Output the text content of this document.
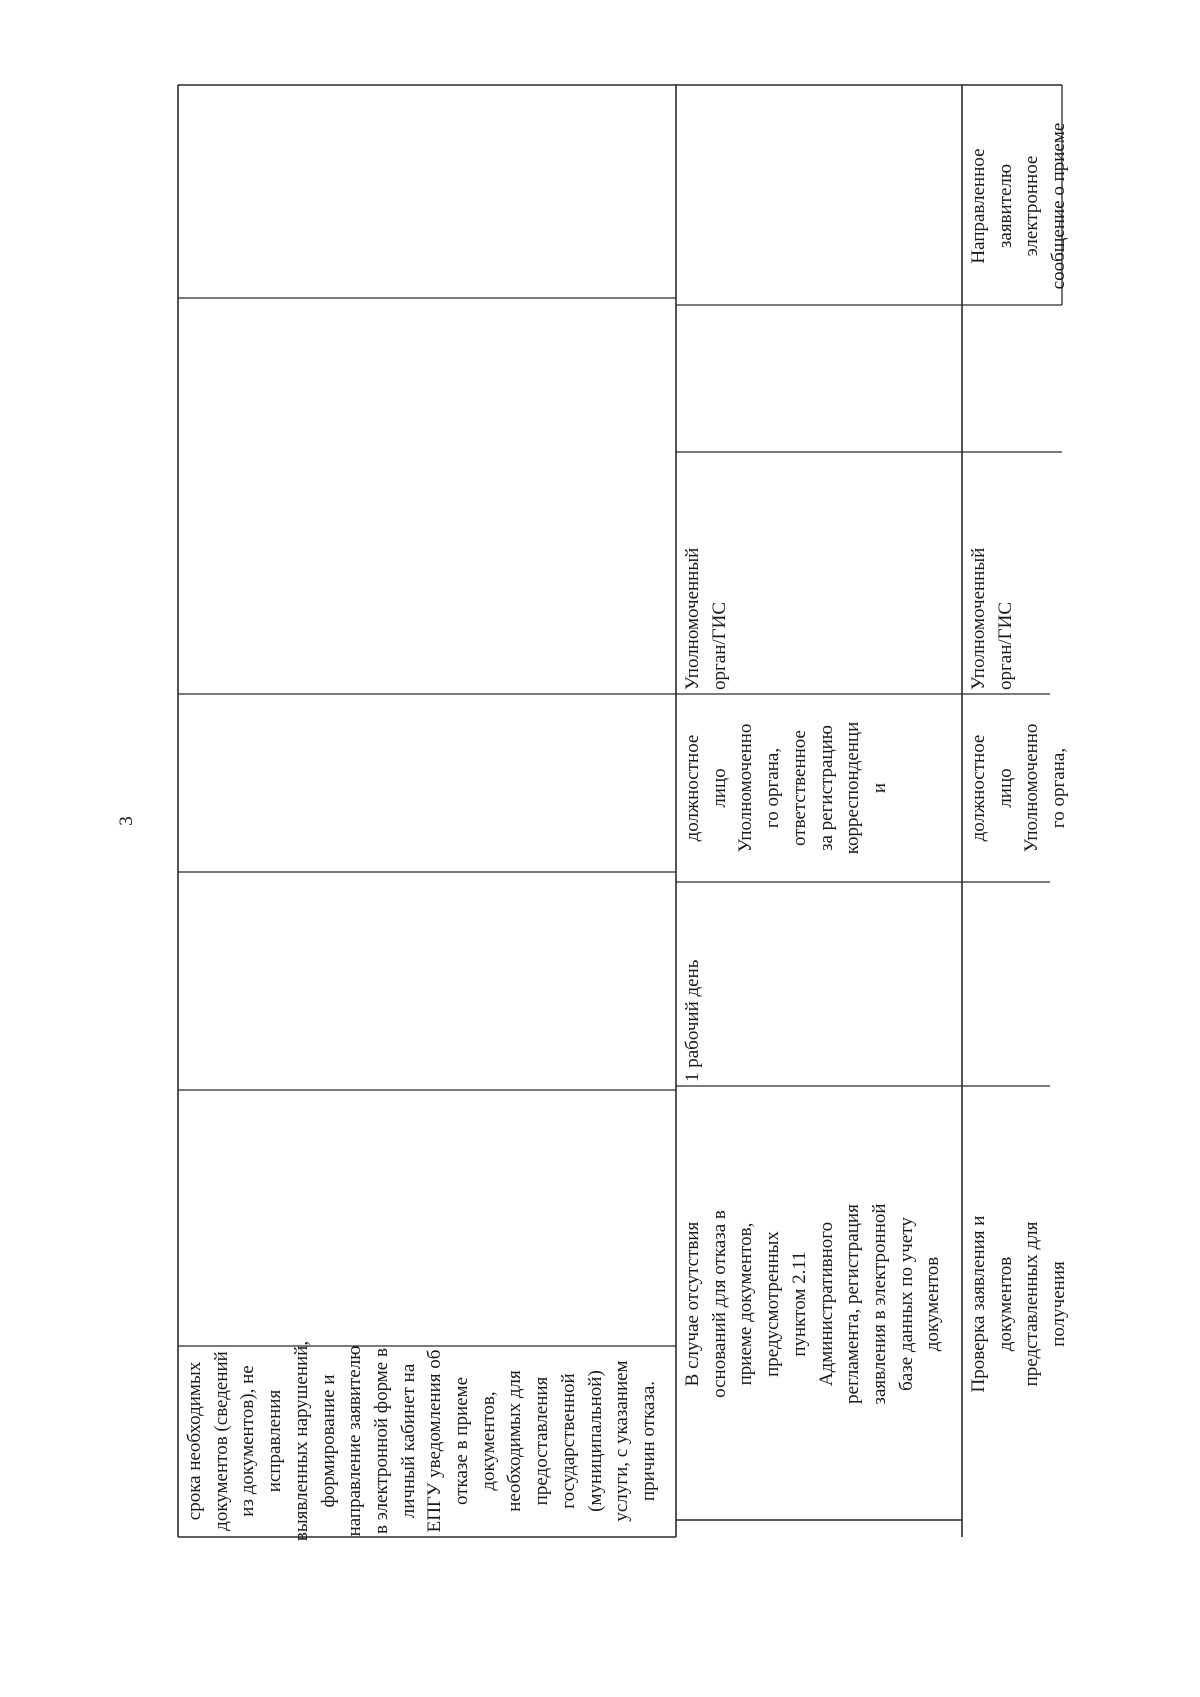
3
срока необходимых документов (сведений из документов), не исправления выявленных нарушений, формирование и направление заявителю в электронной форме в личный кабинет на ЕПГУ уведомления об отказе в приеме документов, необходимых для предоставления государственной (муниципальной) услуги, с указанием причин отказа.
В случае отсутствия оснований для отказа в приеме документов, предусмотренных пунктом 2.11 Административного регламента, регистрация заявления в электронной базе данных по учету документов
1 рабочий день
должностное лицо Уполномоченно го органа, ответственное за регистрацию корреспонденци и
Уполномоченный орган/ГИС
Проверка заявления и документов представленных для получения
должностное лицо Уполномоченно го органа,
Уполномоченный орган/ГИС
Направленное заявителю электронное сообщение о приеме
